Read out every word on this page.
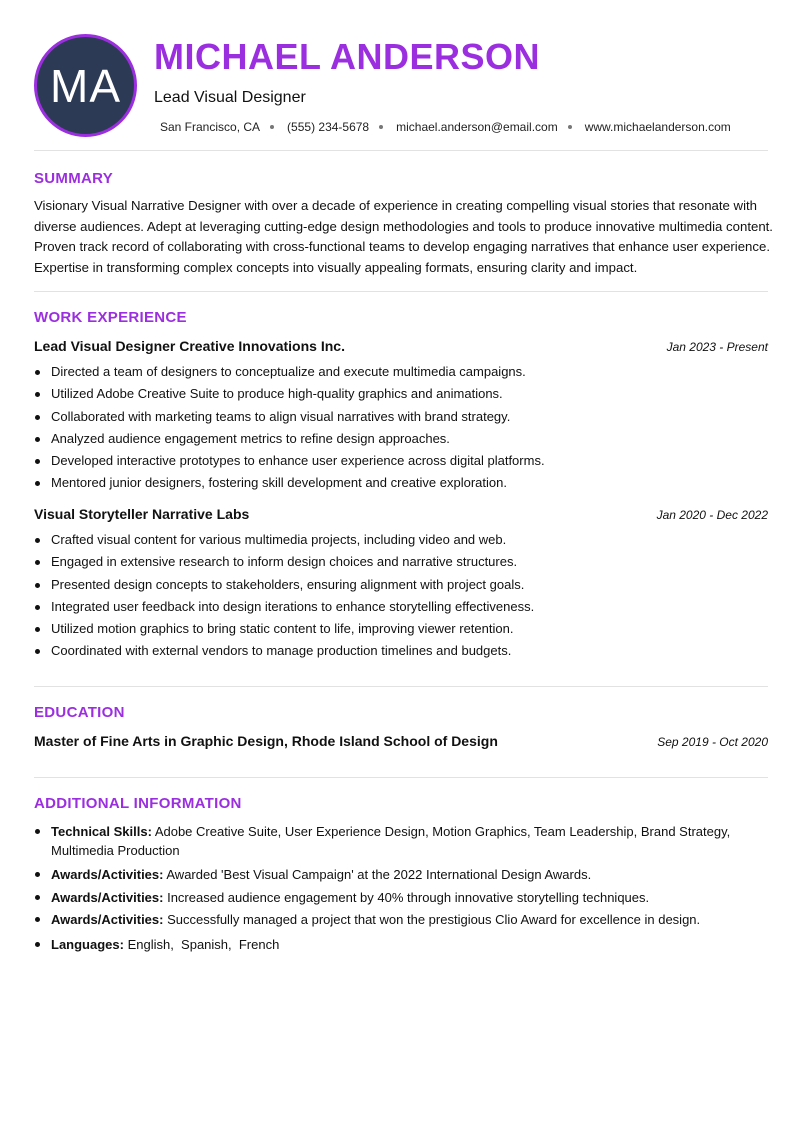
MA
MICHAEL ANDERSON
Lead Visual Designer
San Francisco, CA (555) 234-5678 michael.anderson@email.com www.michaelanderson.com
SUMMARY

Visionary Visual Narrative Designer with over a decade of experience in creating compelling visual stories that resonate with diverse audiences. Adept at leveraging cutting-edge design methodologies and tools to produce innovative multimedia content. Proven track record of collaborating with cross-functional teams to develop engaging narratives that enhance user experience. Expertise in transforming complex concepts into visually appealing formats, ensuring clarity and impact.

WORK EXPERIENCE
Lead Visual Designer Creative Innovations Inc.	Jan 2023 - Present
Directed a team of designers to conceptualize and execute multimedia campaigns.
Utilized Adobe Creative Suite to produce high-quality graphics and animations.
Collaborated with marketing teams to align visual narratives with brand strategy.
Analyzed audience engagement metrics to refine design approaches.
Developed interactive prototypes to enhance user experience across digital platforms.
Mentored junior designers, fostering skill development and creative exploration.
Visual Storyteller Narrative Labs	Jan 2020 - Dec 2022
Crafted visual content for various multimedia projects, including video and web.
Engaged in extensive research to inform design choices and narrative structures.
Presented design concepts to stakeholders, ensuring alignment with project goals.
Integrated user feedback into design iterations to enhance storytelling effectiveness.
Utilized motion graphics to bring static content to life, improving viewer retention.
Coordinated with external vendors to manage production timelines and budgets.
EDUCATION
Master of Fine Arts in Graphic Design, Rhode Island School of Design	Sep 2019 - Oct 2020
ADDITIONAL INFORMATION
Technical Skills: Adobe Creative Suite, User Experience Design, Motion Graphics, Team Leadership, Brand Strategy, Multimedia Production
Awards/Activities: Awarded 'Best Visual Campaign' at the 2022 International Design Awards.
Awards/Activities: Increased audience engagement by 40% through innovative storytelling techniques.
Awards/Activities: Successfully managed a project that won the prestigious Clio Award for excellence in design.
Languages: English,  Spanish,  French
